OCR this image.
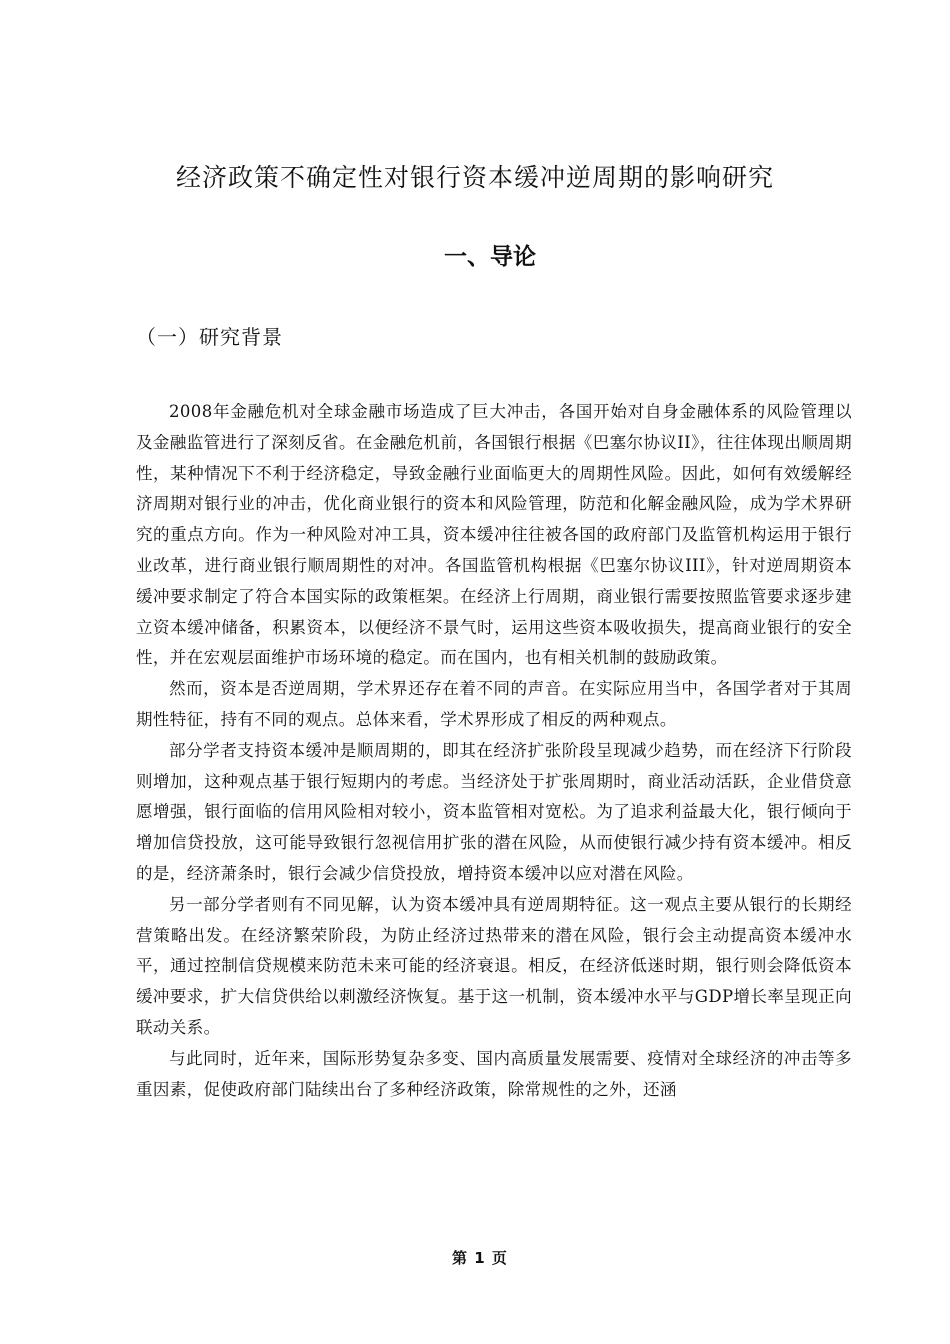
经济政策不确定性对银行资本缓冲逆周期的影响研究
一、导论
（一）研究背景

2008年金融危机对全球金融市场造成了巨大冲击，各国开始对自身金融体系的风险管理以及金融监管进行了深刻反省。在金融危机前，各国银行根据《巴塞尔协议II》，往往体现出顺周期性，某种情况下不利于经济稳定，导致金融行业面临更大的周期性风险。因此，如何有效缓解经济周期对银行业的冲击，优化商业银行的资本和风险管理，防范和化解金融风险，成为学术界研究的重点方向。作为一种风险对冲工具，资本缓冲往往被各国的政府部门及监管机构运用于银行业改革，进行商业银行顺周期性的对冲。各国监管机构根据《巴塞尔协议III》，针对逆周期资本缓冲要求制定了符合本国实际的政策框架。在经济上行周期，商业银行需要按照监管要求逐步建立资本缓冲储备，积累资本，以便经济不景气时，运用这些资本吸收损失，提高商业银行的安全性，并在宏观层面维护市场环境的稳定。而在国内，也有相关机制的鼓励政策。

然而，资本是否逆周期，学术界还存在着不同的声音。在实际应用当中，各国学者对于其周期性特征，持有不同的观点。总体来看，学术界形成了相反的两种观点。

部分学者支持资本缓冲是顺周期的，即其在经济扩张阶段呈现减少趋势，而在经济下行阶段则增加，这种观点基于银行短期内的考虑。当经济处于扩张周期时，商业活动活跃，企业借贷意愿增强，银行面临的信用风险相对较小，资本监管相对宽松。为了追求利益最大化，银行倾向于增加信贷投放，这可能导致银行忽视信用扩张的潜在风险，从而使银行减少持有资本缓冲。相反的是，经济萧条时，银行会减少信贷投放，增持资本缓冲以应对潜在风险。

另一部分学者则有不同见解，认为资本缓冲具有逆周期特征。这一观点主要从银行的长期经营策略出发。在经济繁荣阶段，为防止经济过热带来的潜在风险，银行会主动提高资本缓冲水平，通过控制信贷规模来防范未来可能的经济衰退。相反，在经济低迷时期，银行则会降低资本缓冲要求，扩大信贷供给以刺激经济恢复。基于这一机制，资本缓冲水平与GDP增长率呈现正向联动关系。

与此同时，近年来，国际形势复杂多变、国内高质量发展需要、疫情对全球经济的冲击等多重因素，促使政府部门陆续出台了多种经济政策，除常规性的之外，还涵

第 1 页
